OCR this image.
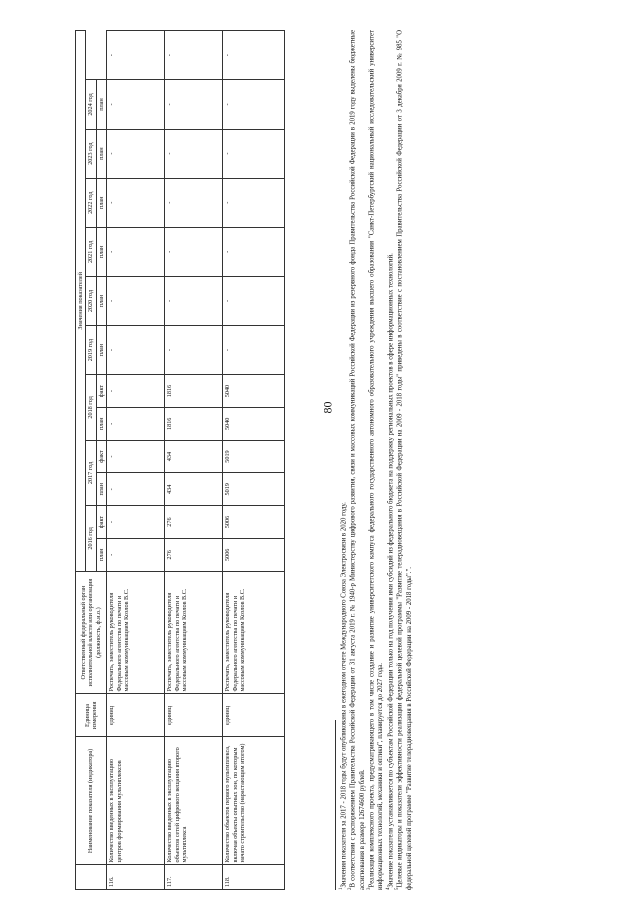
80
	Наименование показателя (индикатора)	Единица измерения	Ответственный федеральный орган исполнительной власти или организация (должность, ф.и.о.)	Значения показателей												
				2016 год		2017 год		2018 год		2019 год	2020 год	2021 год	2022 год	2023 год	2024 год	
				план	факт	план	факт	план	факт	план	план	план	план	план	план	
116.	Количество введенных в эксплуатацию центров формирования мультиплексов	единиц	Роспечать, заместитель руководителя Федерального агентства по печати и массовым коммуникациям Козлов В.С.	-	-	-	-	-	-	-	-	-	-	-	-	-
117.	Количество введенных в эксплуатацию объектов сетей цифрового вещания второго мультиплекса	единиц	Роспечать, заместитель руководителя Федерального агентства по печати и массовым коммуникациям Козлов В.С.	276	276	434	434	1816	1816	-	-	-	-	-	-	-
118.	Количество объектов первого мультиплекса, включая объекты опытных зон, по которым начато строительство (нарастающим итогом)	единиц	Роспечать, заместитель руководителя Федерального агентства по печати и массовым коммуникациям Козлов В.С.	5006	5006	5019	5019	5040	5040	-	-	-	-	-	-	-

$^1$Значения показателя за 2017 - 2018 годы будут опубликованы в ежегодном отчете Международного Союза Электросвязи в 2020 году.

$^2$В соответствии с распоряжением Правительства Российской Федерации от 31 августа 2019 г. № 1940-р Министерству цифрового развития, связи и массовых коммуникаций Российской Федерации из резервного фонда Правительства Российской Федерации в 2019 году выделены бюджетные ассигнования в размере 12674600 рублей. $^3$Реализация комплексного проекта, предусматривающего в том числе создание и развитие университетского кампуса федерального государственного автономного образовательного учреждения высшего образования "Санкт-Петербургский национальный исследовательский университет информационных технологий, механики и оптики", планируется до 2027 года. $^4$Значение показателя устанавливается по субъектам Российской Федерации только на год получения ими субсидий из федерального бюджета на поддержку региональных проектов в сфере информационных технологий.

$^5$Целевые индикаторы и показатели эффективности реализации федеральной целевой программы "Развитие телерадиовещания в Российской Федерации на 2009 - 2018 годы" приведены в соответствие с постановлением Правительства Российской Федерации от 3 декабря 2009 г. № 985 "О федеральной целевой программе "Развитие телерадиовещания в Российской Федерации на 2009 - 2018 годы".".
